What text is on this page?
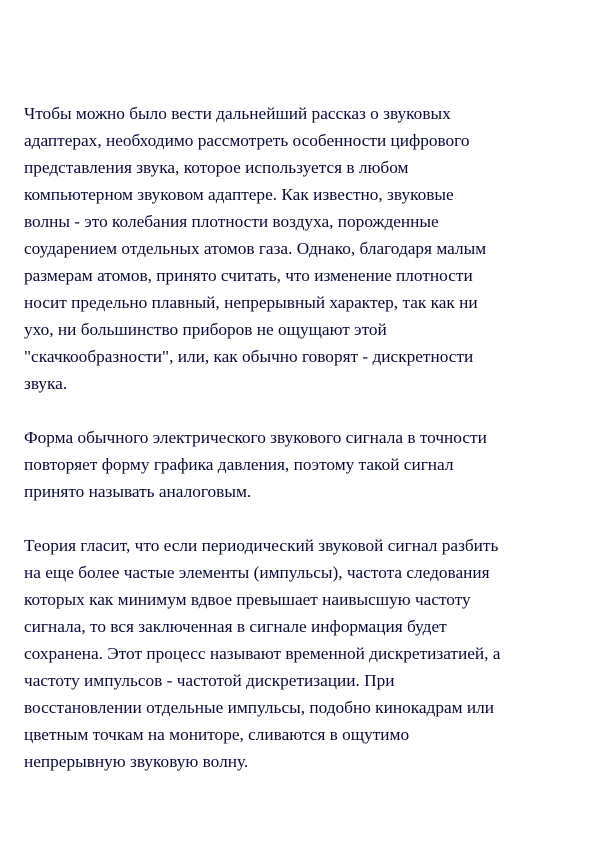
Чтобы можно было вести дальнейший рассказ о звуковых
адаптерах, необходимо рассмотреть особенности цифрового
представления звука, которое используется в любом
компьютерном звуковом адаптере. Как известно, звуковые
волны - это колебания плотности воздуха, порожденные
соударением отдельных атомов газа. Однако, благодаря малым
размерам атомов, принято считать, что изменение плотности
носит предельно плавный, непрерывный характер, так как ни
ухо, ни большинство приборов не ощущают этой
"скачкообразности", или, как обычно говорят - дискретности
звука.

Форма обычного электрического звукового сигнала в точности
повторяет форму графика давления, поэтому такой сигнал
принято называть аналоговым.

Теория гласит, что если периодический звуковой сигнал разбить
на еще более частые элементы (импульсы), частота следования
которых как минимум вдвое превышает наивысшую частоту
сигнала, то вся заключенная в сигнале информация будет
сохранена. Этот процесс называют временной дискретизатией, а
частоту импульсов - частотой дискретизации. При
восстановлении отдельные импульсы, подобно кинокадрам или
цветным точкам на мониторе, сливаются в ощутимо
непрерывную звуковую волну.
